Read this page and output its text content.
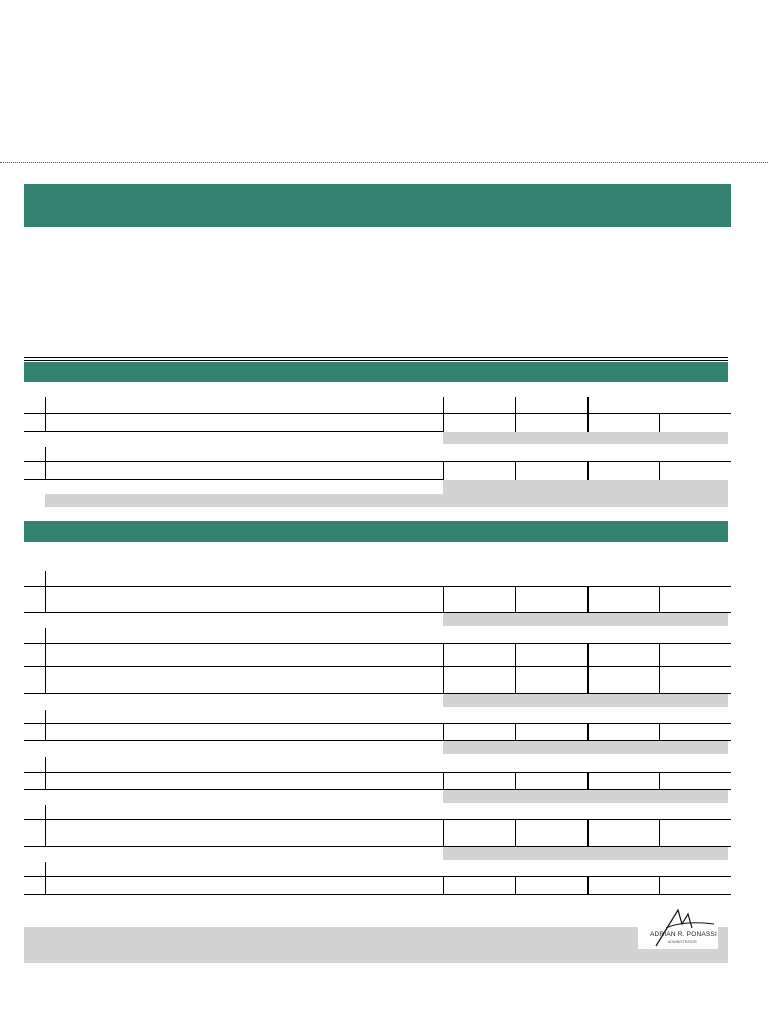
ADRIAN R. PONASSI
ADMINISTRATOR
